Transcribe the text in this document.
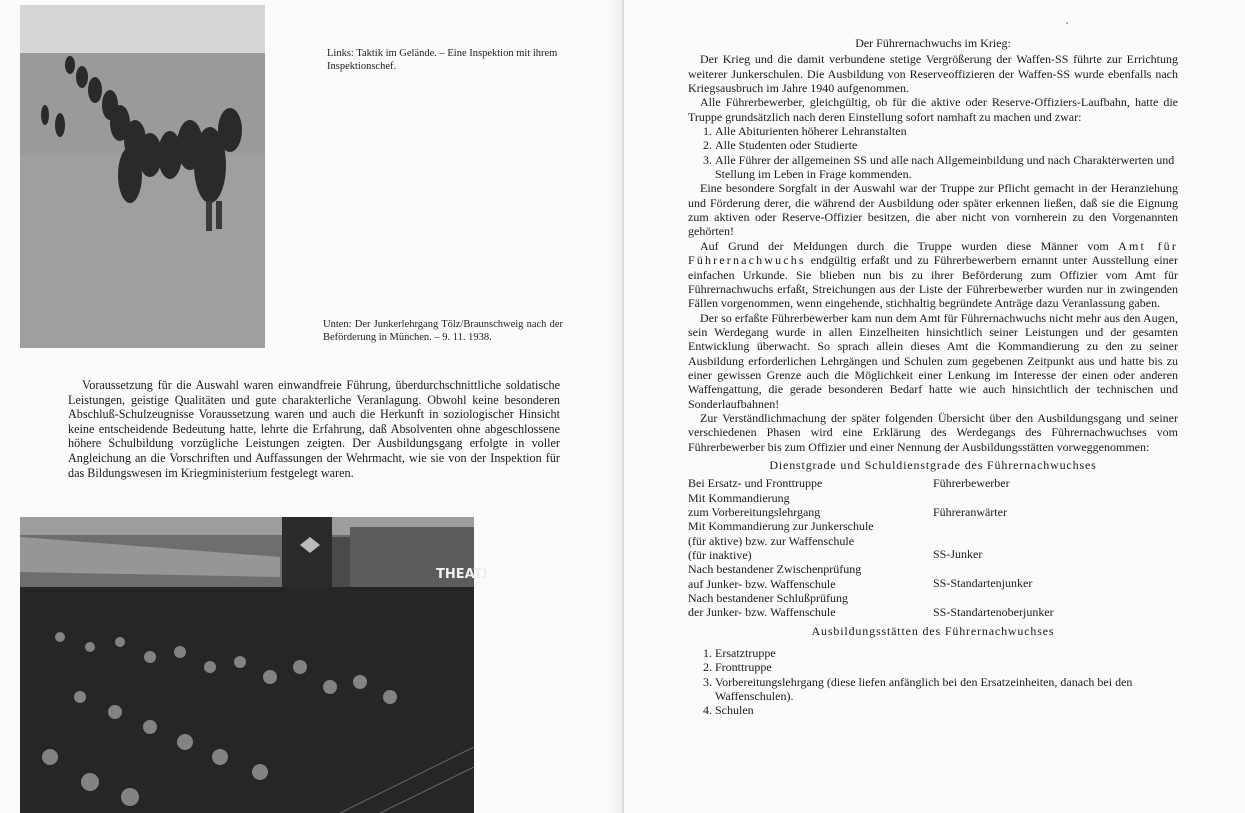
Links: Taktik im Gelände. – Eine Inspektion mit ihrem Inspektionschef.
Unten: Der Junkerlehrgang Tölz/Braunschweig nach der Beförderung in München. – 9. 11. 1938.

Voraussetzung für die Auswahl waren einwandfreie Führung, überdurchschnittliche soldatische Leistungen, geistige Qualitäten und gute charakterliche Veranlagung. Obwohl keine besonderen Abschluß-Schulzeugnisse Voraussetzung waren und auch die Herkunft in soziologischer Hinsicht keine entscheidende Bedeutung hatte, lehrte die Erfahrung, daß Absolventen ohne abgeschlossene höhere Schulbildung vorzügliche Leistungen zeigten. Der Ausbildungsgang erfolgte in voller Angleichung an die Vorschriften und Auffassungen der Wehrmacht, wie sie von der Inspektion für das Bildungswesen im Kriegministerium festgelegt waren.

THEATI

Der Führernachwuchs im Krieg:

Der Krieg und die damit verbundene stetige Vergrößerung der Waffen-SS führte zur Errichtung weiterer Junkerschulen. Die Ausbildung von Reserveoffizieren der Waffen-SS wurde ebenfalls nach Kriegsausbruch im Jahre 1940 aufgenommen.

Alle Führerbewerber, gleichgültig, ob für die aktive oder Reserve-Offiziers-Laufbahn, hatte die Truppe grundsätzlich nach deren Einstellung sofort namhaft zu machen und zwar:

1. Alle Abiturienten höherer Lehranstalten
2. Alle Studenten oder Studierte
3. Alle Führer der allgemeinen SS und alle nach Allgemeinbildung und nach Charakterwerten und Stellung im Leben in Frage kommenden.

Eine besondere Sorgfalt in der Auswahl war der Truppe zur Pflicht gemacht in der Heranziehung und Förderung derer, die während der Ausbildung oder später erkennen ließen, daß sie die Eignung zum aktiven oder Reserve-Offizier besitzen, die aber nicht von vornherein zu den Vorgenannten gehörten!

Auf Grund der Meldungen durch die Truppe wurden diese Männer vom Amt für Führernachwuchs endgültig erfaßt und zu Führerbewerbern ernannt unter Ausstellung einer einfachen Urkunde. Sie blieben nun bis zu ihrer Beförderung zum Offizier vom Amt für Führernachwuchs erfaßt, Streichungen aus der Liste der Führerbewerber wurden nur in zwingenden Fällen vorgenommen, wenn eingehende, stichhaltig begründete Anträge dazu Veranlassung gaben.

Der so erfaßte Führerbewerber kam nun dem Amt für Führernachwuchs nicht mehr aus den Augen, sein Werdegang wurde in allen Einzelheiten hinsichtlich seiner Leistungen und der gesamten Entwicklung überwacht. So sprach allein dieses Amt die Kommandierung zu den zu seiner Ausbildung erforderlichen Lehrgängen und Schulen zum gegebenen Zeitpunkt aus und hatte bis zu einer gewissen Grenze auch die Möglichkeit einer Lenkung im Interesse der einen oder anderen Waffengattung, die gerade besonderen Bedarf hatte wie auch hinsichtlich der technischen und Sonderlaufbahnen!

Zur Verständlichmachung der später folgenden Übersicht über den Ausbildungsgang und seiner verschiedenen Phasen wird eine Erklärung des Werdegangs des Führernachwuchses vom Führerbewerber bis zum Offizier und einer Nennung der Ausbildungsstätten vorweggenommen:

Dienstgrade und Schuldienstgrade des Führernachwuchses

Bei Ersatz- und Fronttruppe	Führerbewerber
Mit Kommandierung
zum Vorbereitungslehrgang	Führeranwärter
Mit Kommandierung zur Junkerschule
(für aktive) bzw. zur Waffenschule
(für inaktive)	SS-Junker
Nach bestandener Zwischenprüfung
auf Junker- bzw. Waffenschule	SS-Standartenjunker
Nach bestandener Schlußprüfung
der Junker- bzw. Waffenschule	SS-Standartenoberjunker

Ausbildungsstätten des Führernachwuchses

1. Ersatztruppe
2. Fronttruppe
3. Vorbereitungslehrgang (diese liefen anfänglich bei den Ersatzeinheiten, danach bei den Waffenschulen).
4. Schulen
